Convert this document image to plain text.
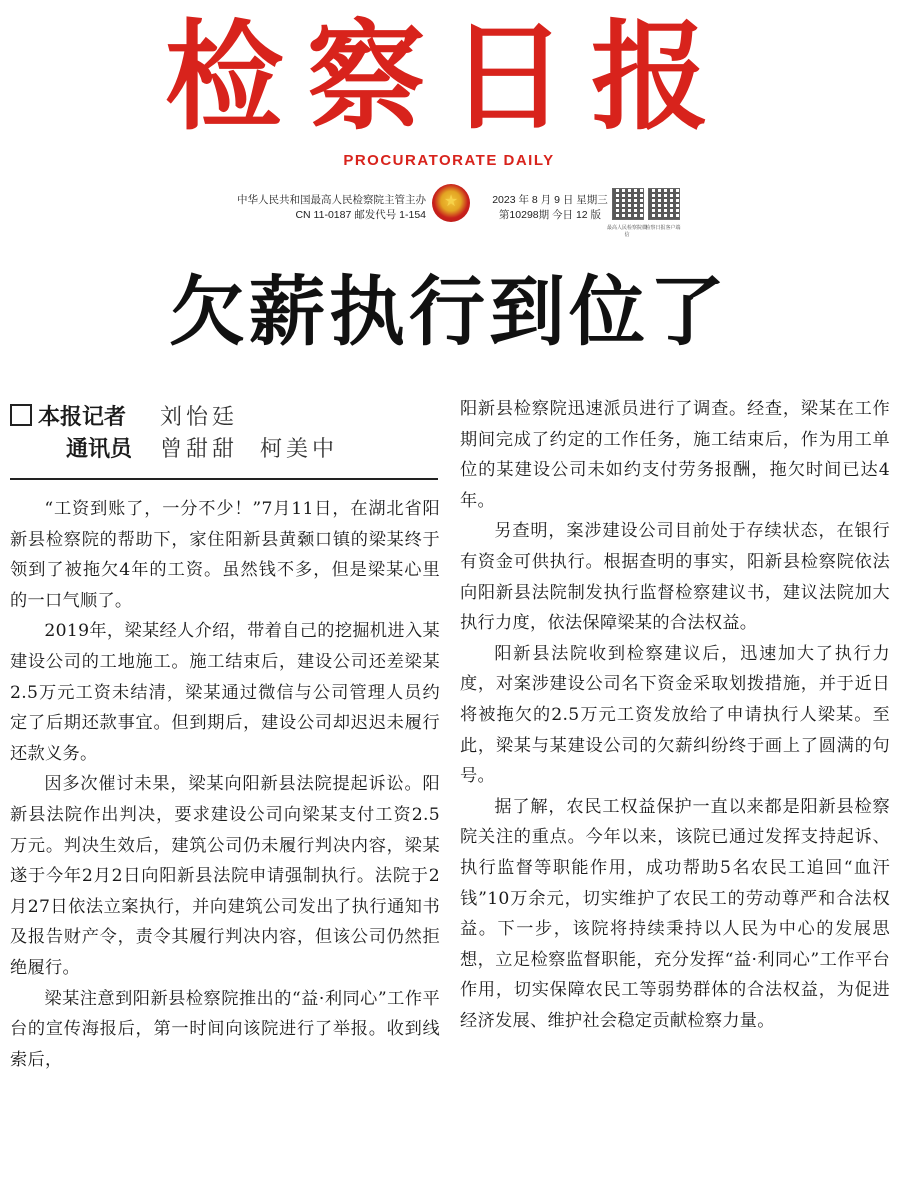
检察日报
PROCURATORATE DAILY
中华人民共和国最高人民检察院主管主办
CN 11-0187 邮发代号 1-154
★	2023 年 8 月 9 日 星期三
第10298期 今日 12 版
最高人民检察院微信
检察日报客户端
欠薪执行到位了
本报记者	刘怡廷
通讯员	曾甜甜  柯美中

“工资到账了，一分不少！”7月11日，在湖北省阳新县检察院的帮助下，家住阳新县黄颡口镇的梁某终于领到了被拖欠4年的工资。虽然钱不多，但是梁某心里的一口气顺了。

2019年，梁某经人介绍，带着自己的挖掘机进入某建设公司的工地施工。施工结束后，建设公司还差梁某2.5万元工资未结清，梁某通过微信与公司管理人员约定了后期还款事宜。但到期后，建设公司却迟迟未履行还款义务。

因多次催讨未果，梁某向阳新县法院提起诉讼。阳新县法院作出判决，要求建设公司向梁某支付工资2.5万元。判决生效后，建筑公司仍未履行判决内容，梁某遂于今年2月2日向阳新县法院申请强制执行。法院于2月27日依法立案执行，并向建筑公司发出了执行通知书及报告财产令，责令其履行判决内容，但该公司仍然拒绝履行。

梁某注意到阳新县检察院推出的“益·利同心”工作平台的宣传海报后，第一时间向该院进行了举报。收到线索后，

阳新县检察院迅速派员进行了调查。经查，梁某在工作期间完成了约定的工作任务，施工结束后，作为用工单位的某建设公司未如约支付劳务报酬，拖欠时间已达4年。

另查明，案涉建设公司目前处于存续状态，在银行有资金可供执行。根据查明的事实，阳新县检察院依法向阳新县法院制发执行监督检察建议书，建议法院加大执行力度，依法保障梁某的合法权益。

阳新县法院收到检察建议后，迅速加大了执行力度，对案涉建设公司名下资金采取划拨措施，并于近日将被拖欠的2.5万元工资发放给了申请执行人梁某。至此，梁某与某建设公司的欠薪纠纷终于画上了圆满的句号。

据了解，农民工权益保护一直以来都是阳新县检察院关注的重点。今年以来，该院已通过发挥支持起诉、执行监督等职能作用，成功帮助5名农民工追回“血汗钱”10万余元，切实维护了农民工的劳动尊严和合法权益。下一步，该院将持续秉持以人民为中心的发展思想，立足检察监督职能，充分发挥“益·利同心”工作平台作用，切实保障农民工等弱势群体的合法权益，为促进经济发展、维护社会稳定贡献检察力量。
